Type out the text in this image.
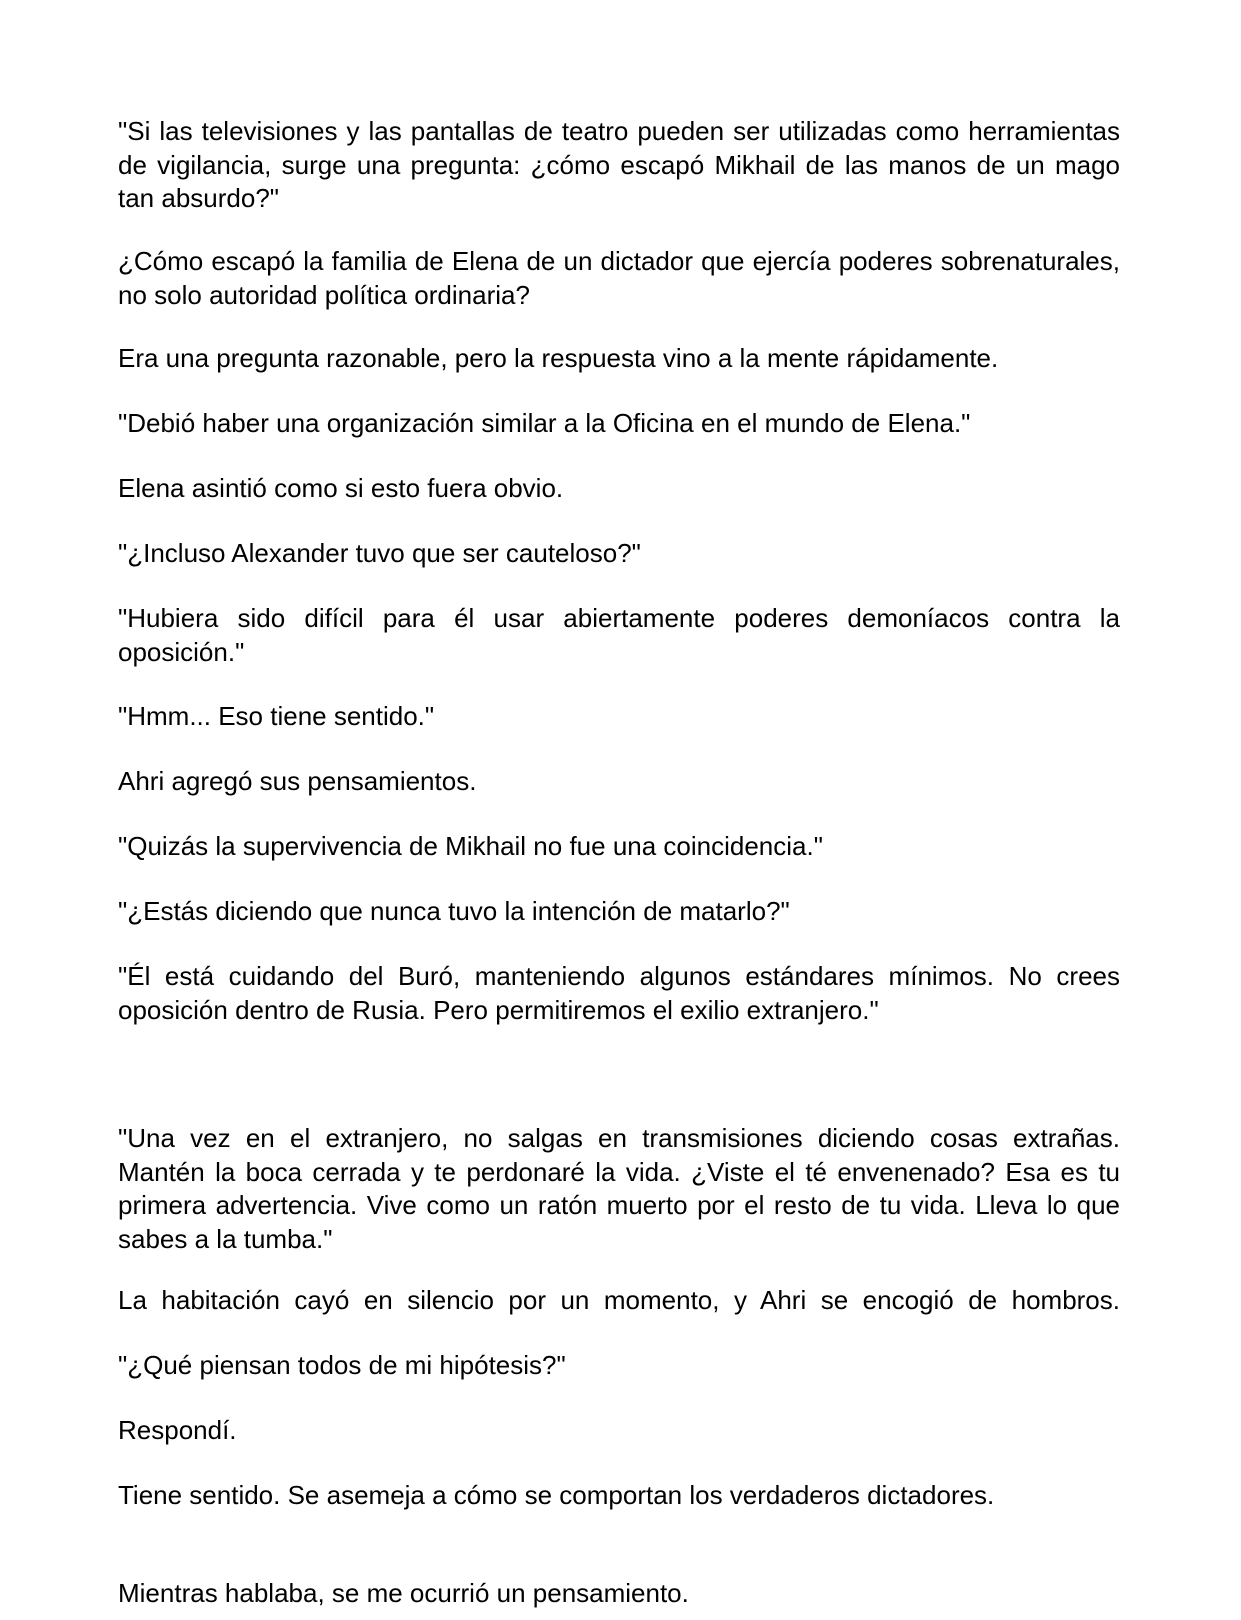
"Si las televisiones y las pantallas de teatro pueden ser utilizadas como herramientas de vigilancia, surge una pregunta: ¿cómo escapó Mikhail de las manos de un mago tan absurdo?"

¿Cómo escapó la familia de Elena de un dictador que ejercía poderes sobrenaturales, no solo autoridad política ordinaria?

Era una pregunta razonable, pero la respuesta vino a la mente rápidamente.

"Debió haber una organización similar a la Oficina en el mundo de Elena."

Elena asintió como si esto fuera obvio.

"¿Incluso Alexander tuvo que ser cauteloso?"

"Hubiera sido difícil para él usar abiertamente poderes demoníacos contra la oposición."

"Hmm... Eso tiene sentido."

Ahri agregó sus pensamientos.

"Quizás la supervivencia de Mikhail no fue una coincidencia."

"¿Estás diciendo que nunca tuvo la intención de matarlo?"

"Él está cuidando del Buró, manteniendo algunos estándares mínimos. No crees oposición dentro de Rusia. Pero permitiremos el exilio extranjero."

"Una vez en el extranjero, no salgas en transmisiones diciendo cosas extrañas. Mantén la boca cerrada y te perdonaré la vida. ¿Viste el té envenenado? Esa es tu primera advertencia. Vive como un ratón muerto por el resto de tu vida. Lleva lo que sabes a la tumba."

La habitación cayó en silencio por un momento, y Ahri se encogió de hombros.

"¿Qué piensan todos de mi hipótesis?"

Respondí.

Tiene sentido. Se asemeja a cómo se comportan los verdaderos dictadores.

Mientras hablaba, se me ocurrió un pensamiento.
